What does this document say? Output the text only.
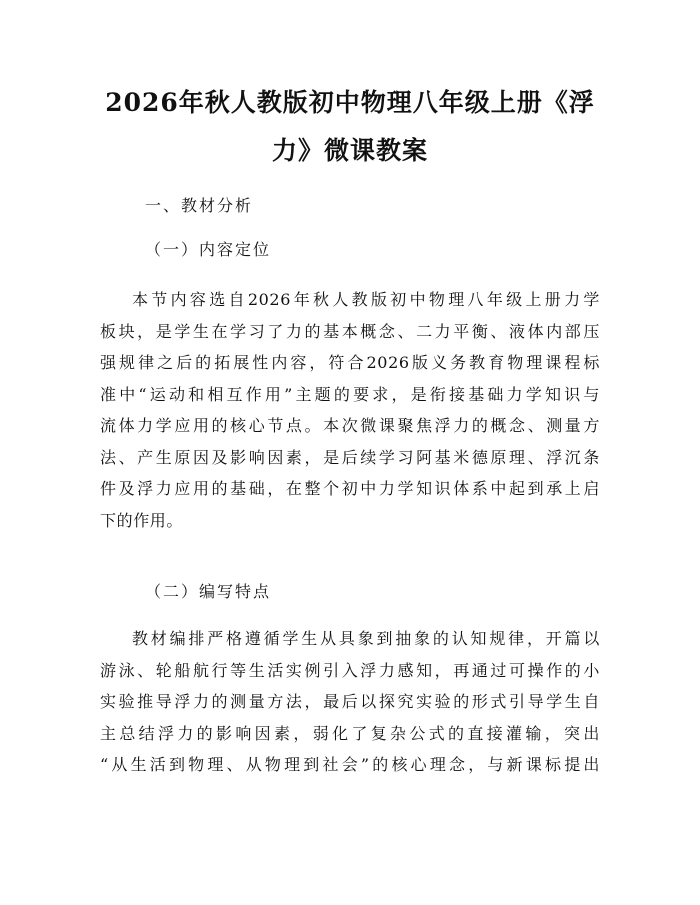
2026年秋人教版初中物理八年级上册《浮
力》微课教案

一、教材分析

（一）内容定位

本节内容选自2026年秋人教版初中物理八年级上册力学
板块，是学生在学习了力的基本概念、二力平衡、液体内部压
强规律之后的拓展性内容，符合2026版义务教育物理课程标
准中“运动和相互作用”主题的要求，是衔接基础力学知识与
流体力学应用的核心节点。本次微课聚焦浮力的概念、测量方
法、产生原因及影响因素，是后续学习阿基米德原理、浮沉条
件及浮力应用的基础，在整个初中力学知识体系中起到承上启
下的作用。

（二）编写特点

教材编排严格遵循学生从具象到抽象的认知规律，开篇以
游泳、轮船航行等生活实例引入浮力感知，再通过可操作的小
实验推导浮力的测量方法，最后以探究实验的形式引导学生自
主总结浮力的影响因素，弱化了复杂公式的直接灌输，突出
“从生活到物理、从物理到社会”的核心理念，与新课标提出
